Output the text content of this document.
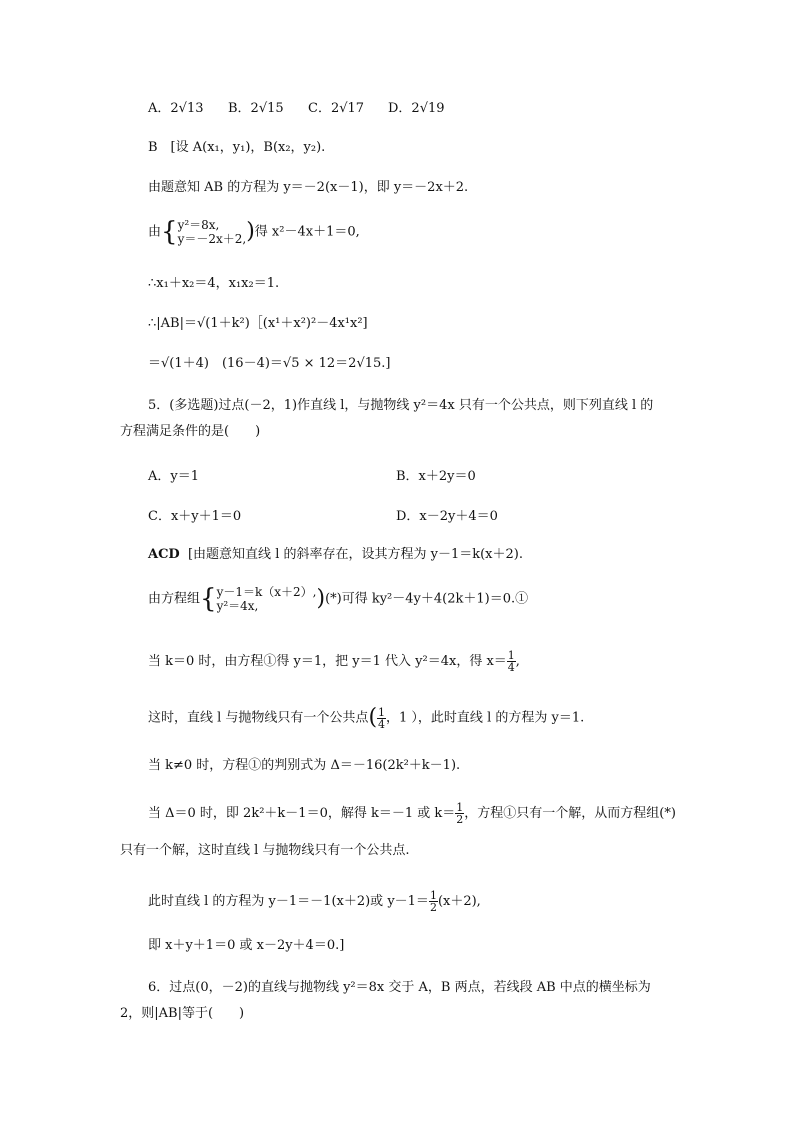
A．2√13 B．2√15 C．2√17 D．2√19
B　[设 A(x₁，y₁)，B(x₂，y₂).
由题意知 AB 的方程为 y＝－2(x－1)，即 y＝－2x＋2.
由{ y²＝8x,
y＝－2x＋2, )得 x²－4x＋1＝0,
∴x₁＋x₂＝4，x₁x₂＝1.
∴|AB|＝√(1＋k²)［(x¹＋x²)²－4x¹x²]
＝√(1＋4)　(16－4)＝√5 × 12＝2√15.]
5．(多选题)过点(－2，1)作直线 l，与抛物线 y²＝4x 只有一个公共点，则下列直线 l 的
方程满足条件的是(　　)
A．y＝1	B．x＋2y＝0
C．x＋y＋1＝0	D．x－2y＋4＝0
ACD [由题意知直线 l 的斜率存在，设其方程为 y－1＝k(x＋2).
由方程组{ y－1＝k（x＋2）,
y²＝4x,	)(*)可得 ky²－4y＋4(2k＋1)＝0.①
当 k＝0 时，由方程①得 y＝1，把 y＝1 代入 y²＝4x，得 $x= \frac{1}{4}$ ,
这时，直线 l 与抛物线只有一个公共点( $\frac{1}{4}$ ，1 ），此时直线 l 的方程为 y＝1.
当 k≠0 时，方程①的判别式为 Δ＝－16(2k²＋k－1).
当 Δ＝0 时，即 2k²＋k－1＝0，解得 k＝－1 或 $k= \frac{1}{2}$ ，方程①只有一个解，从而方程组(*)
只有一个解，这时直线 l 与抛物线只有一个公共点.
此时直线 l 的方程为 y－1＝－1(x＋2)或 $y-1= \frac{1}{2} (x+2)$,
即 x＋y＋1＝0 或 x－2y＋4＝0.]
6．过点(0，－2)的直线与抛物线 y²＝8x 交于 A，B 两点，若线段 AB 中点的横坐标为
2，则|AB|等于(　　)
